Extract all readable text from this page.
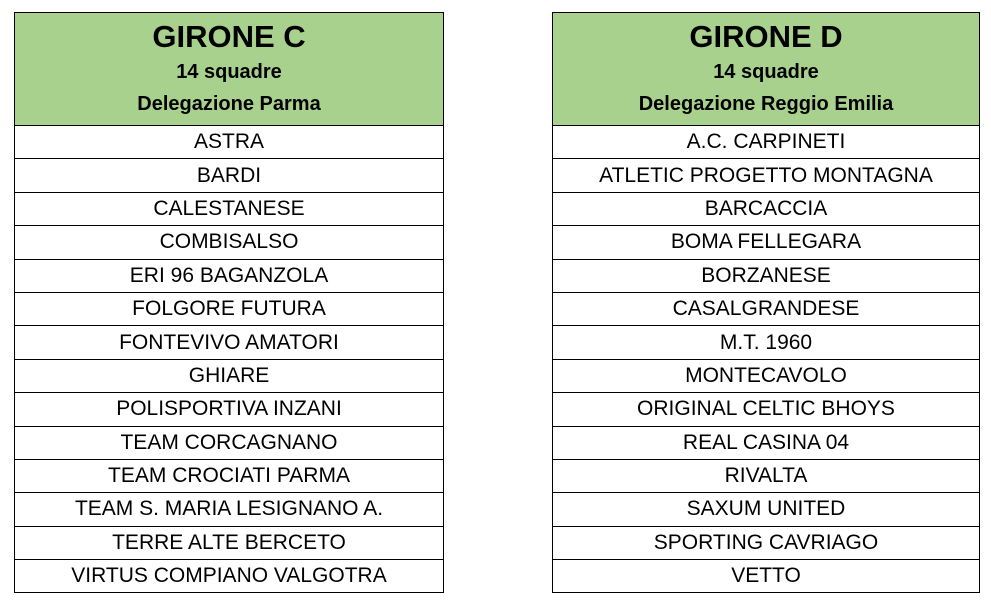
GIRONE C
14 squadre
Delegazione Parma

ASTRA
BARDI
CALESTANESE
COMBISALSO
ERI 96 BAGANZOLA
FOLGORE FUTURA
FONTEVIVO AMATORI
GHIARE
POLISPORTIVA INZANI
TEAM CORCAGNANO
TEAM CROCIATI PARMA
TEAM S. MARIA LESIGNANO A.
TERRE ALTE BERCETO
VIRTUS COMPIANO VALGOTRA
GIRONE D
14 squadre
Delegazione Reggio Emilia

A.C. CARPINETI
ATLETIC PROGETTO MONTAGNA
BARCACCIA
BOMA FELLEGARA
BORZANESE
CASALGRANDESE
M.T. 1960
MONTECAVOLO
ORIGINAL CELTIC BHOYS
REAL CASINA 04
RIVALTA
SAXUM UNITED
SPORTING CAVRIAGO
VETTO
